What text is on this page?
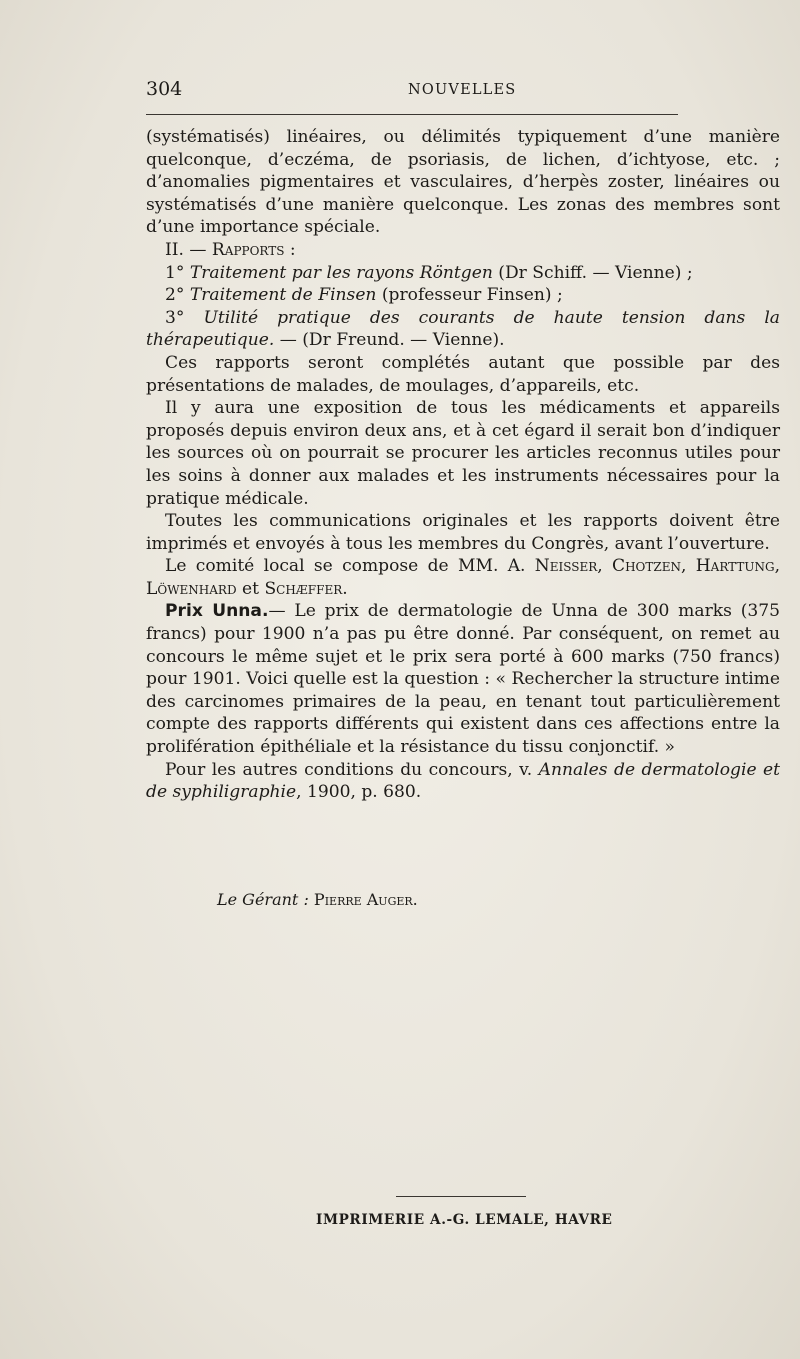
304	NOUVELLES

(systématisés) linéaires, ou délimités typiquement d’une manière quelconque, d’eczéma, de psoriasis, de lichen, d’ichtyose, etc. ; d’anomalies pigmentaires et vasculaires, d’herpès zoster, linéaires ou systématisés d’une manière quelconque. Les zonas des membres sont d’une importance spéciale.

II. — Rapports :

1° Traitement par les rayons Röntgen (Dr Schiff. — Vienne) ;

2° Traitement de Finsen (professeur Finsen) ;

3° Utilité pratique des courants de haute tension dans la thérapeutique. — (Dr Freund. — Vienne).

Ces rapports seront complétés autant que possible par des présentations de malades, de moulages, d’appareils, etc.

Il y aura une exposition de tous les médicaments et appareils proposés depuis environ deux ans, et à cet égard il serait bon d’indiquer les sources où on pourrait se procurer les articles reconnus utiles pour les soins à donner aux malades et les instruments nécessaires pour la pratique médicale.

Toutes les communications originales et les rapports doivent être imprimés et envoyés à tous les membres du Congrès, avant l’ouverture.

Le comité local se compose de MM. A. Neisser, Chotzen, Harttung, Löwenhard et Schæffer.

Prix Unna.— Le prix de dermatologie de Unna de 300 marks (375 francs) pour 1900 n’a pas pu être donné. Par conséquent, on remet au concours le même sujet et le prix sera porté à 600 marks (750 francs) pour 1901. Voici quelle est la question : « Rechercher la structure intime des carcinomes primaires de la peau, en tenant tout particulièrement compte des rapports différents qui existent dans ces affections entre la prolifération épithéliale et la résistance du tissu conjonctif. »

Pour les autres conditions du concours, v. Annales de dermatologie et de syphiligraphie, 1900, p. 680.

Le Gérant : Pierre Auger.
IMPRIMERIE A.-G. LEMALE, HAVRE
